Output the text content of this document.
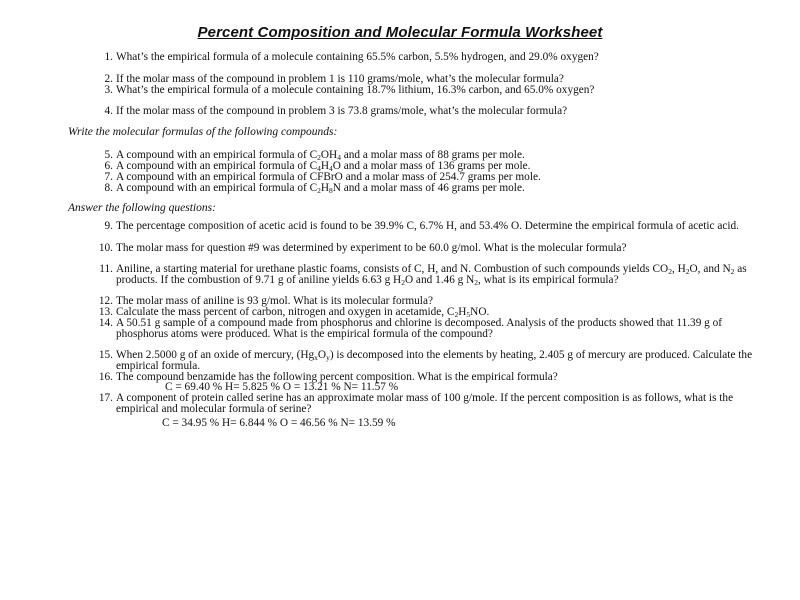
Percent Composition and Molecular Formula Worksheet
1. What’s the empirical formula of a molecule containing 65.5% carbon, 5.5% hydrogen, and 29.0% oxygen?
2. If the molar mass of the compound in problem 1 is 110 grams/mole, what’s the molecular formula?
3. What’s the empirical formula of a molecule containing 18.7% lithium, 16.3% carbon, and 65.0% oxygen?
4. If the molar mass of the compound in problem 3 is 73.8 grams/mole, what’s the molecular formula?
Write the molecular formulas of the following compounds:
5. A compound with an empirical formula of $C_2OH_4$ and a molar mass of 88 grams per mole.
6. A compound with an empirical formula of $C_4H_4O$ and a molar mass of 136 grams per mole.
7. A compound with an empirical formula of CFBrO and a molar mass of 254.7 grams per mole.
8. A compound with an empirical formula of $C_2H_8N$ and a molar mass of 46 grams per mole.
Answer the following questions:
9. The percentage composition of acetic acid is found to be 39.9% C, 6.7% H, and 53.4% O. Determine the empirical formula of acetic acid.
10. The molar mass for question #9 was determined by experiment to be 60.0 g/mol. What is the molecular formula?
11. Aniline, a starting material for urethane plastic foams, consists of C, H, and N. Combustion of such compounds yields $CO_2$, $H_2O$, and $N_2$ as products. If the combustion of 9.71 g of aniline yields 6.63 g $H_2O$ and 1.46 g $N_2$, what is its empirical formula?
12. The molar mass of aniline is 93 g/mol. What is its molecular formula?
13. Calculate the mass percent of carbon, nitrogen and oxygen in acetamide, $C_2H_5NO$.
14. A 50.51 g sample of a compound made from phosphorus and chlorine is decomposed. Analysis of the products showed that 11.39 g of phosphorus atoms were produced. What is the empirical formula of the compound?
15. When 2.5000 g of an oxide of mercury, $(Hg_xO_y)$ is decomposed into the elements by heating, 2.405 g of mercury are produced. Calculate the empirical formula.
16. The compound benzamide has the following percent composition. What is the empirical formula?
C = 69.40 % H= 5.825 % O = 13.21 % N= 11.57 %
17. A component of protein called serine has an approximate molar mass of 100 g/mole. If the percent composition is as follows, what is the empirical and molecular formula of serine?
C = 34.95 % H= 6.844 % O = 46.56 % N= 13.59 %
